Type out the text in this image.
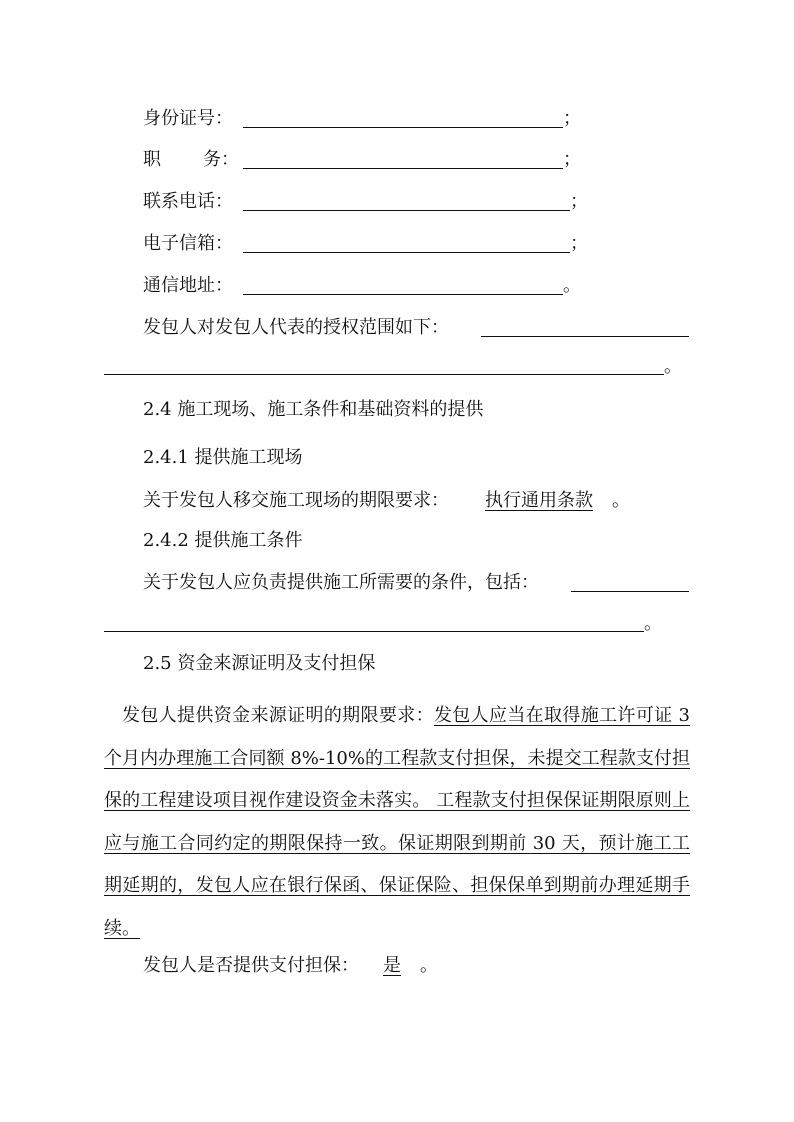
身份证号：	；
职 务：	；
联系电话：	；
电子信箱：	；
通信地址：	。
发包人对发包人代表的授权范围如下：
。
2.4 施工现场、施工条件和基础资料的提供
2.4.1 提供施工现场
关于发包人移交施工现场的期限要求： 执行通用条款 。
2.4.2 提供施工条件
关于发包人应负责提供施工所需要的条件，包括：
。
2.5 资金来源证明及支付担保
发包人提供资金来源证明的期限要求：发包人应当在取得施工许可证 3 个月内办理施工合同额 8%-10%的工程款支付担保，未提交工程款支付担保的工程建设项目视作建设资金未落实。 工程款支付担保保证期限原则上应与施工合同约定的期限保持一致。保证期限到期前 30 天，预计施工工期延期的，发包人应在银行保函、保证保险、担保保单到期前办理延期手续。
发包人是否提供支付担保： 是	。
